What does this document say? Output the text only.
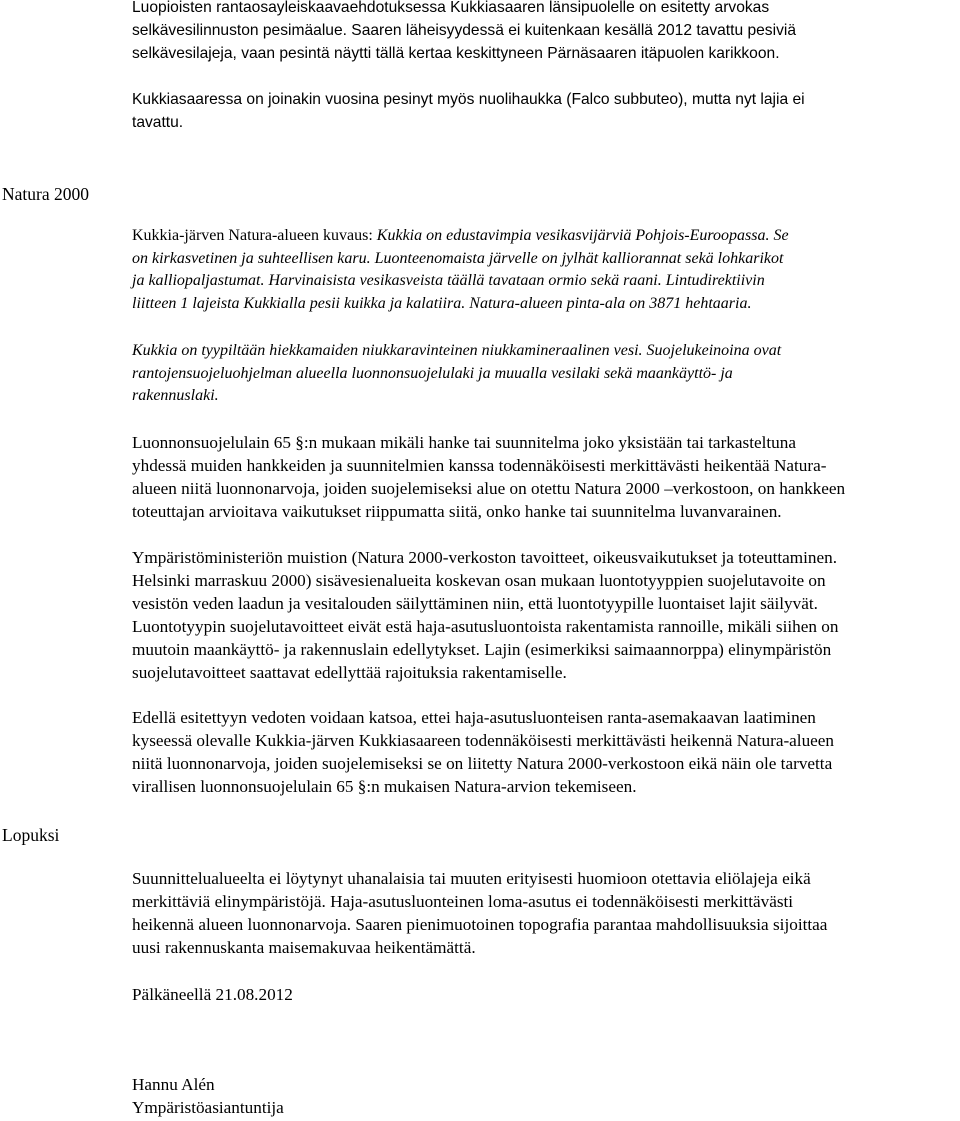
Luopioisten rantaosayleiskaavaehdotuksessa Kukkiasaaren länsipuolelle on esitetty arvokas
selkävesilinnuston pesimäalue. Saaren läheisyydessä ei kuitenkaan kesällä 2012 tavattu pesiviä
selkävesilajeja, vaan pesintä näytti tällä kertaa keskittyneen Pärnäsaaren itäpuolen karikkoon.

Kukkiasaaressa on joinakin vuosina pesinyt myös nuolihaukka (Falco subbuteo), mutta nyt lajia ei
tavattu.

Natura 2000

Kukkia-järven Natura-alueen kuvaus: Kukkia on edustavimpia vesikasvijärviä Pohjois-Euroopassa. Se
on kirkasvetinen ja suhteellisen karu. Luonteenomaista järvelle on jylhät kalliorannat sekä lohkarikot
ja kalliopaljastumat. Harvinaisista vesikasveista täällä tavataan ormio sekä raani. Lintudirektiivin
liitteen 1 lajeista Kukkialla pesii kuikka ja kalatiira. Natura-alueen pinta-ala on 3871 hehtaaria.

Kukkia on tyypiltään hiekkamaiden niukkaravinteinen niukkamineraalinen vesi. Suojelukeinoina ovat
rantojensuojeluohjelman alueella luonnonsuojelulaki ja muualla vesilaki sekä maankäyttö- ja
rakennuslaki.

Luonnonsuojelulain 65 §:n mukaan mikäli hanke tai suunnitelma joko yksistään tai tarkasteltuna
yhdessä muiden hankkeiden ja suunnitelmien kanssa todennäköisesti merkittävästi heikentää Natura-
alueen niitä luonnonarvoja, joiden suojelemiseksi alue on otettu Natura 2000 –verkostoon, on hankkeen
toteuttajan arvioitava vaikutukset riippumatta siitä, onko hanke tai suunnitelma luvanvarainen.

Ympäristöministeriön muistion (Natura 2000-verkoston tavoitteet, oikeusvaikutukset ja toteuttaminen.
Helsinki marraskuu 2000) sisävesienalueita koskevan osan mukaan luontotyyppien suojelutavoite on
vesistön veden laadun ja vesitalouden säilyttäminen niin, että luontotyypille luontaiset lajit säilyvät.
Luontotyypin suojelutavoitteet eivät estä haja-asutusluontoista rakentamista rannoille, mikäli siihen on
muutoin maankäyttö- ja rakennuslain edellytykset. Lajin (esimerkiksi saimaannorppa) elinympäristön
suojelutavoitteet saattavat edellyttää rajoituksia rakentamiselle.

Edellä esitettyyn vedoten voidaan katsoa, ettei haja-asutusluonteisen ranta-asemakaavan laatiminen
kyseessä olevalle Kukkia-järven Kukkiasaareen todennäköisesti merkittävästi heikennä Natura-alueen
niitä luonnonarvoja, joiden suojelemiseksi se on liitetty Natura 2000-verkostoon eikä näin ole tarvetta
virallisen luonnonsuojelulain 65 §:n mukaisen Natura-arvion tekemiseen.

Lopuksi

Suunnittelualueelta ei löytynyt uhanalaisia tai muuten erityisesti huomioon otettavia eliölajeja eikä
merkittäviä elinympäristöjä. Haja-asutusluonteinen loma-asutus ei todennäköisesti merkittävästi
heikennä alueen luonnonarvoja. Saaren pienimuotoinen topografia parantaa mahdollisuuksia sijoittaa
uusi rakennuskanta maisemakuvaa heikentämättä.

Pälkäneellä 21.08.2012

Hannu Alén
Ympäristöasiantuntija
